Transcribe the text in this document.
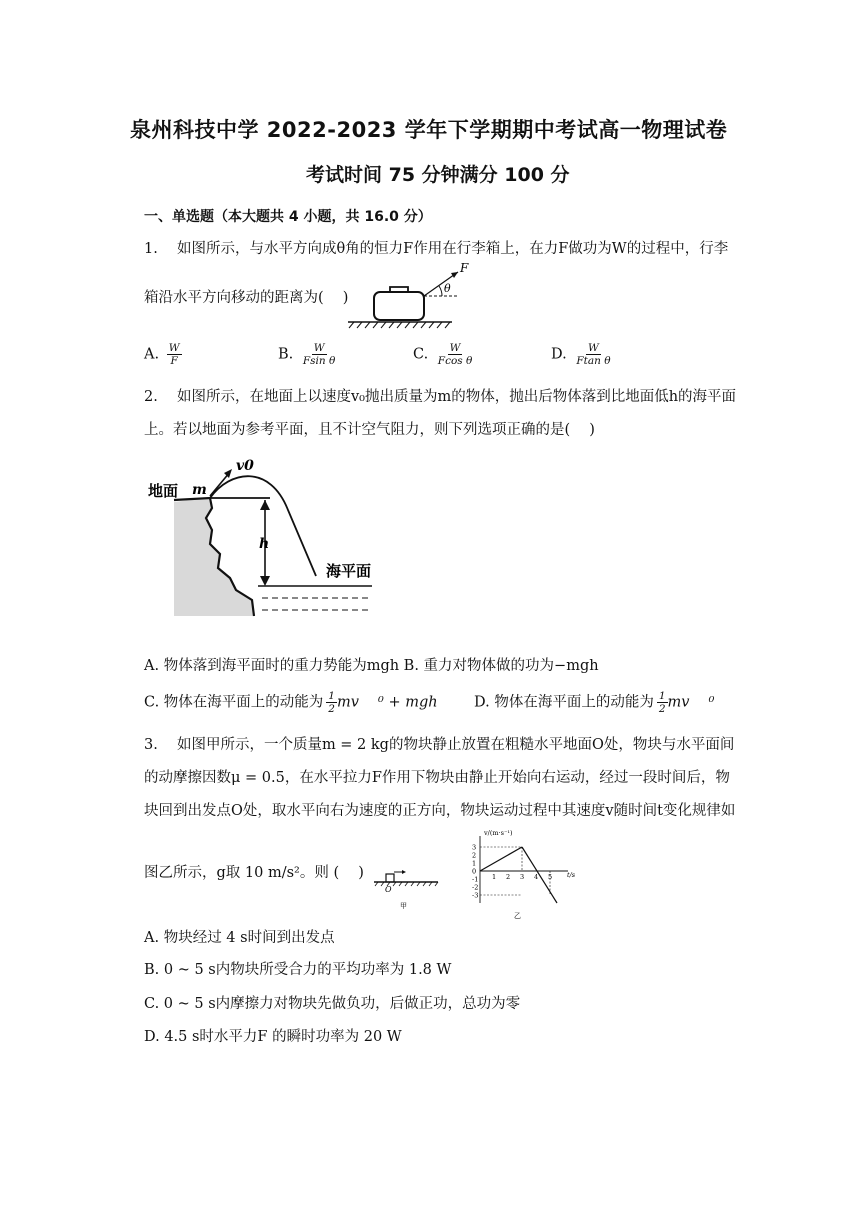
泉州科技中学 2022-2023 学年下学期期中考试高一物理试卷
考试时间 75 分钟满分 100 分
一、单选题（本大题共 4 小题，共 16.0 分）
1.　 如图所示，与水平方向成θ角的恒力F作用在行李箱上，在力F做功为W的过程中，行李
箱沿水平方向移动的距离为(　 )
F
θ
A. $\frac{W}{F}$	B. $\frac{W}{\text{Fsin θ}}$	C. $\frac{W}{\text{Fcos θ}}$	D. $\frac{W}{\text{Ftan θ}}$
2.　 如图所示，在地面上以速度v₀抛出质量为m的物体，抛出后物体落到比地面低h的海平面
上。若以地面为参考平面，且不计空气阻力，则下列选项正确的是(　 )
v0
地面 m
h
海平面
A. 物体落到海平面时的重力势能为mgh B. 重力对物体做的功为−mgh
C. 物体在海平面上的动能为 $\frac{1}{2}$ mv　 ⁰ + mgh	D. 物体在海平面上的动能为 $\frac{1}{2}$ mv　 ⁰
3.　 如图甲所示，一个质量m = 2 kg的物块静止放置在粗糙水平地面O处，物块与水平面间
的动摩擦因数μ = 0.5，在水平拉力F作用下物块由静止开始向右运动，经过一段时间后，物
块回到出发点O处，取水平向右为速度的正方向，物块运动过程中其速度v随时间t变化规律如
图乙所示，g取 10 m/s²。则 (　 )
O
甲
v/(m·s⁻¹)
t/s
乙
3
2
1
0
-1
-2
-3
1 2 3 4 5
A. 物块经过 4 s时间到出发点
B. 0 ~ 5 s内物块所受合力的平均功率为 1.8 W
C. 0 ~ 5 s内摩擦力对物块先做负功，后做正功，总功为零
D. 4.5 s时水平力F 的瞬时功率为 20 W
